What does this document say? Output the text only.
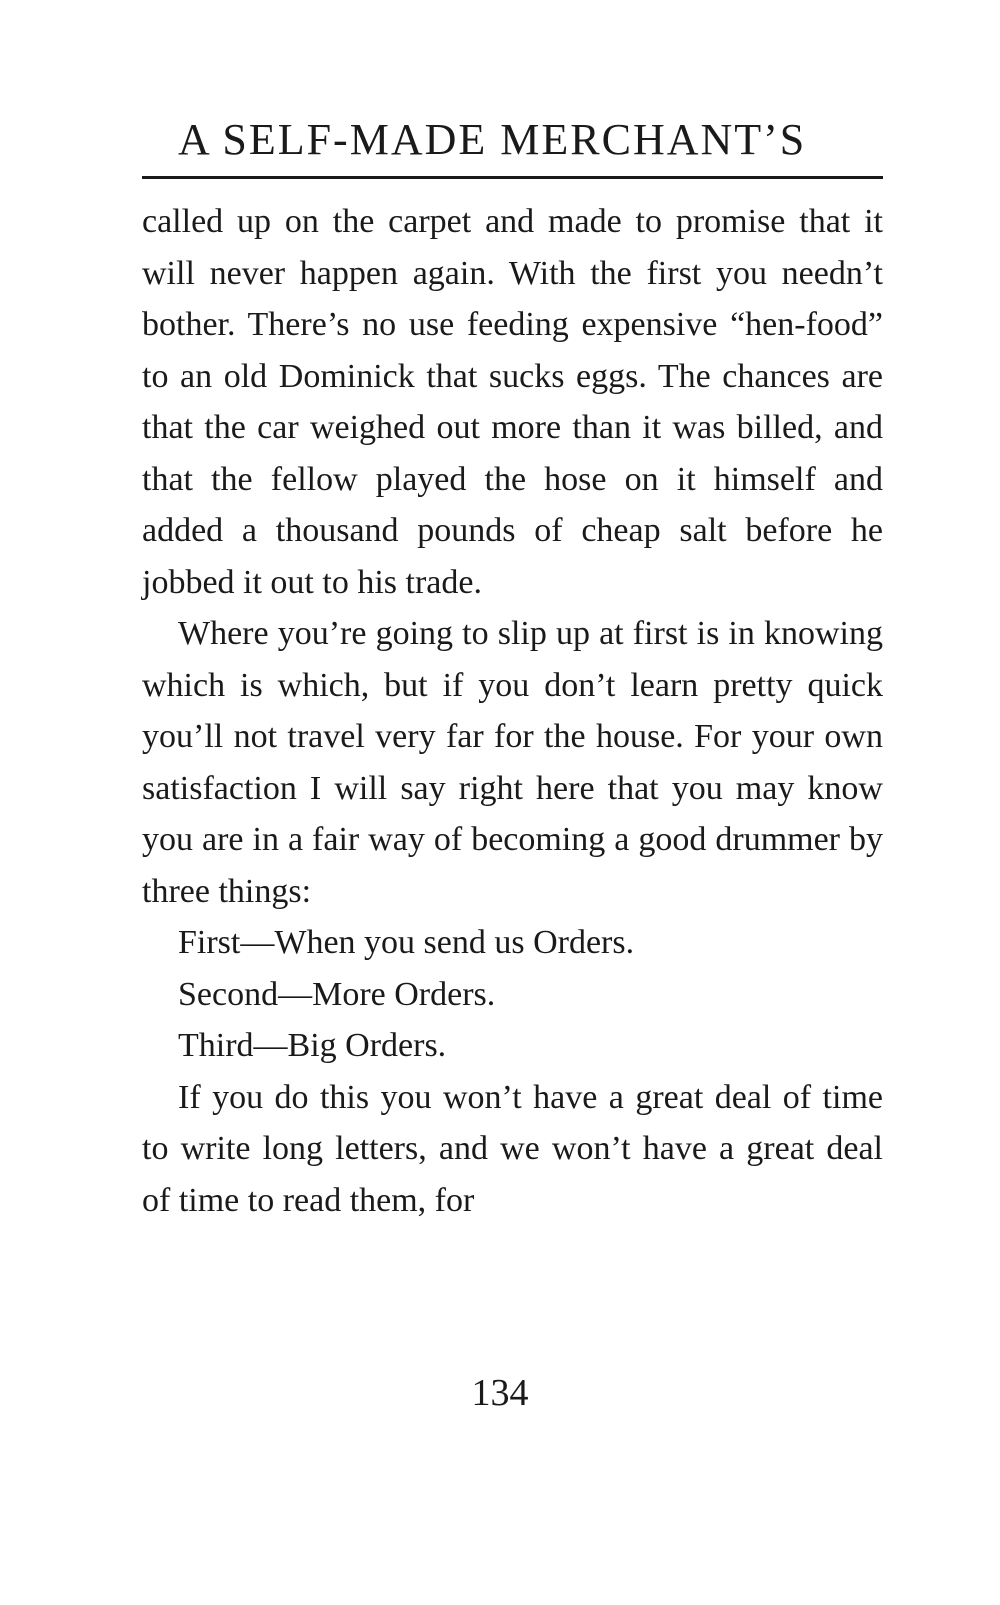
A SELF-MADE MERCHANT’S

called up on the carpet and made to promise that it will never happen again. With the first you needn’t bother. There’s no use feeding expensive “hen-food” to an old Dominick that sucks eggs. The chances are that the car weighed out more than it was billed, and that the fellow played the hose on it himself and added a thousand pounds of cheap salt before he jobbed it out to his trade.

Where you’re going to slip up at first is in knowing which is which, but if you don’t learn pretty quick you’ll not travel very far for the house. For your own satisfaction I will say right here that you may know you are in a fair way of becoming a good drummer by three things:

First—When you send us Orders.

Second—More Orders.

Third—Big Orders.

If you do this you won’t have a great deal of time to write long letters, and we won’t have a great deal of time to read them, for

134
